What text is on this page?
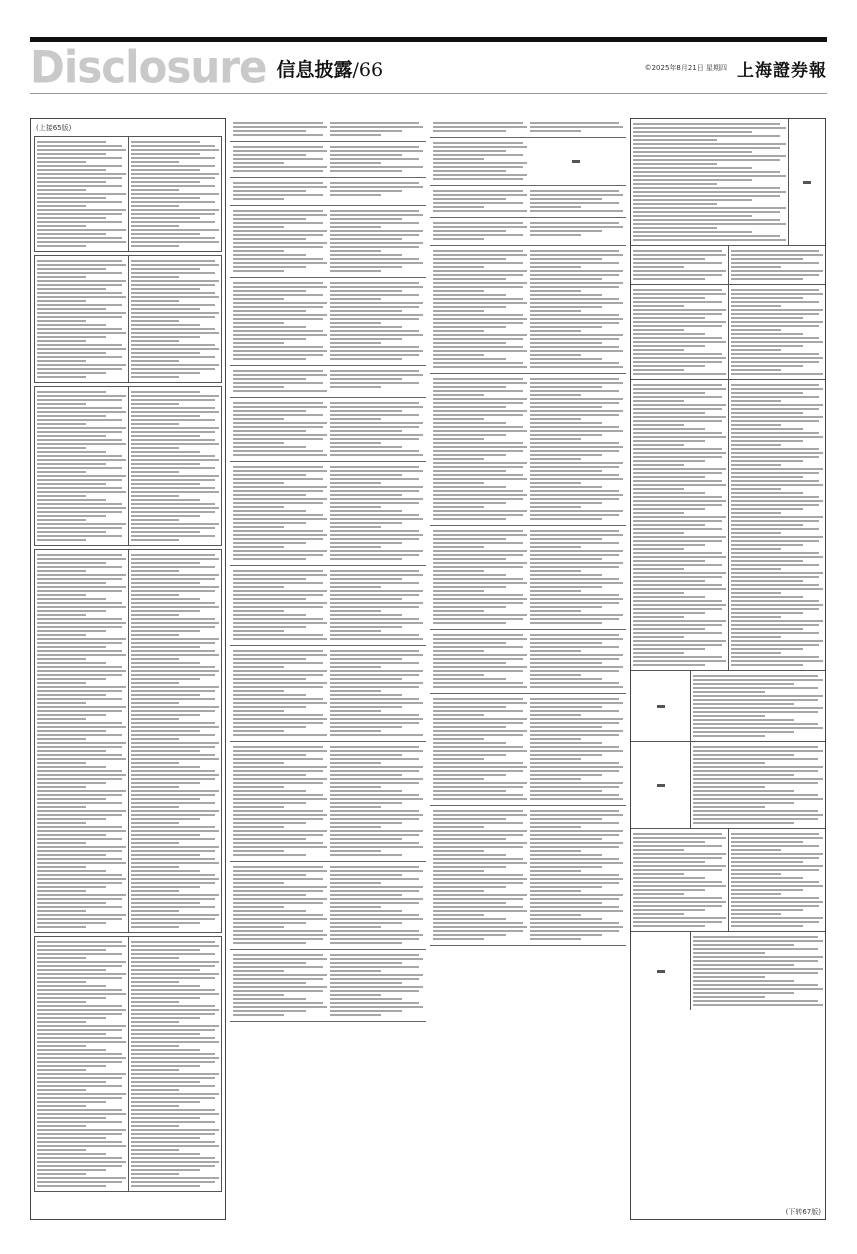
Disclosure 信息披露/66	©2025年8月21日 星期四 上海證券報
(上接65版)
(下转67版)
